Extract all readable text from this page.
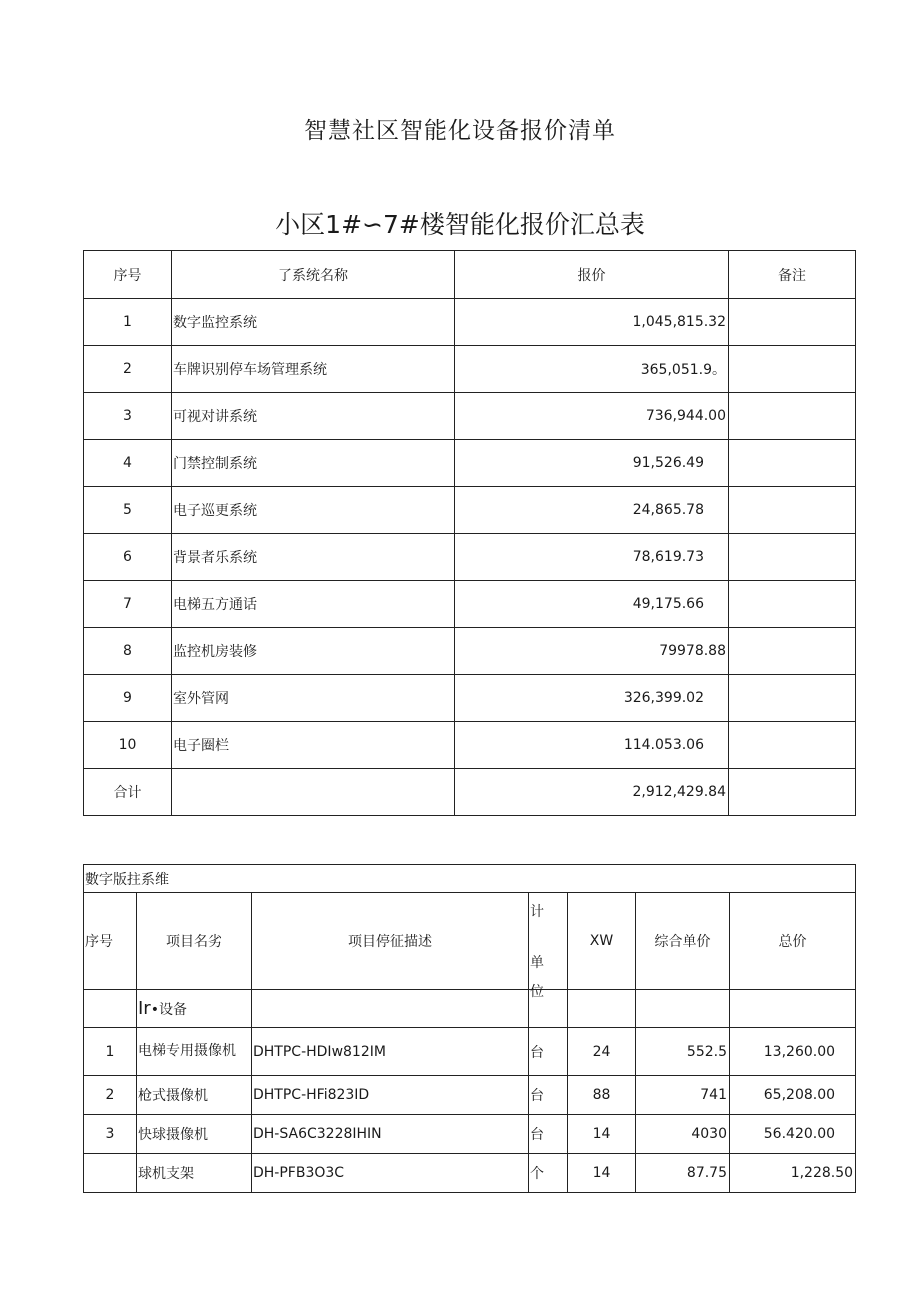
智慧社区智能化设备报价清单
小区1#∽7#楼智能化报价汇总表
序号	了系统名称	报价	备注
1	数字监控系统	1,045,815.32	
2	车牌识别停车场管理系统	365,051.9。	
3	可视对讲系统	736,944.00	
4	门禁控制系统	91,526.49	
5	电子巡更系统	24,865.78	
6	背景者乐系统	78,619.73	
7	电梯五方通话	49,175.66	
8	监控机房装修	79978.88	
9	室外管网	326,399.02	
10	电子圈栏	114.053.06	
合计		2,912,429.84	
數字版拄系维						
序号	项目名劣	项目停征描述	计
单
位	XW	综合单价	总价
	Ir•设备					
1	电梯专用摄像机	DHTPC-HDIw812IM	台	24	552.5	13,260.00
2	枪式摄像机	DHTPC-HFi823ID	台	88	741	65,208.00
3	快球摄像机	DH-SA6C3228IHIN	台	14	4030	56.420.00
	球机支架	DH-PFB3O3C	个	14	87.75	1,228.50
